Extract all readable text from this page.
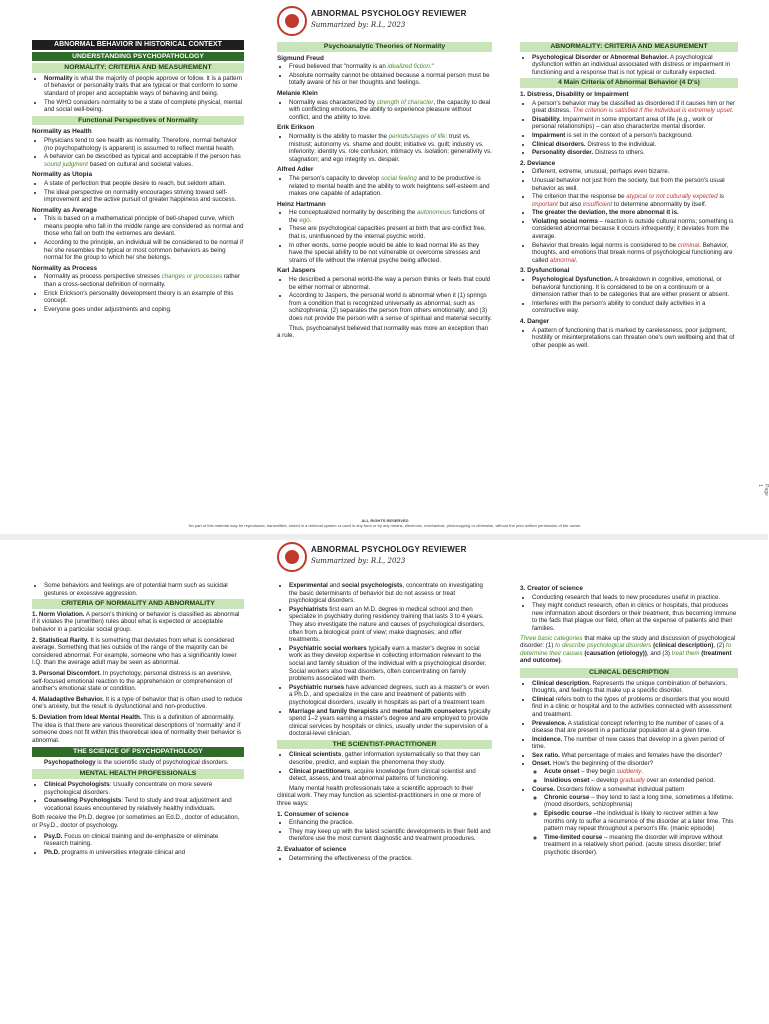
ABNORMAL PSYCHOLOGY REVIEWER
Summarized by: R.L, 2023
ABNORMAL BEHAVIOR IN HISTORICAL CONTEXT
UNDERSTANDING PSYCHOPATHOLOGY
NORMALITY: CRITERIA AND MEASUREMENT
• Normality is what the majority of people approve or follow. It is a pattern of behavior or personality traits that are typical or that conform to some standard of proper and acceptable ways of behaving and being.
• The WHO considers normality to be a state of complete physical, mental and social well-being.
Functional Perspectives of Normality
Normality as Health
• Physicians tend to see health as normality. Therefore, normal behavior (no psychopathology is apparent) is assumed to reflect mental health.
• A behavior can be described as typical and acceptable if the person has sound judgment based on cultural and societal values.
Normality as Utopia
• A state of perfection that people desire to reach, but seldom attain.
• The ideal perspective on normality encourages striving toward self-improvement and the active pursuit of greater happiness and success.
Normality as Average
• This is based on a mathematical principle of bell-shaped curve, which means people who fall in the middle range are considered as normal and those who fall on both the extremes are deviant.
• According to the principle, an individual will be considered to be normal if he/ she resembles the typical or most common behaviors as being normal for the group to which he/ she belongs.
Normality as Process
• Normality as process perspective stresses changes or processes rather than a cross-sectional definition of normality.
• Erick Erickson's personality development theory is an example of this concept.
• Everyone goes under adjustments and coping.
Psychoanalytic Theories of Normality
Sigmund Freud
• Freud believed that "normality is an idealized fiction."
• Absolute normality cannot be obtained because a normal person must be totally aware of his or her thoughts and feelings.
Melanie Klein
• Normality was characterized by strength of character, the capacity to deal with conflicting emotions, the ability to experience pleasure without conflict, and the ability to love.
Erik Erikson
• Normality is the ability to master the periods/stages of life: trust vs. mistrust; autonomy vs. shame and doubt; initiative vs. guilt; industry vs. inferiority; identity vs. role confusion; intimacy vs. isolation; generativity vs. stagnation; and ego integrity vs. despair.
Alfred Adler
• The person's capacity to develop social feeling and to be productive is related to mental health and the ability to work heightens self-esteem and makes one capable of adaptation.
Heinz Hartmann
• He conceptualized normality by describing the autonomous functions of the ego.
• These are psychological capacities present at birth that are conflict free, that is, uninfluenced by the internal psychic world.
• In other words, some people would be able to lead normal life as they have the special ability to be not vulnerable or overcome stresses and strains of life without the internal psyche being affected.
Karl Jaspers
• He described a personal world-the way a person thinks or feels that could be either normal or abnormal.
• According to Jaspers, the personal world is abnormal when it (1) springs from a condition that is recognized universally as abnormal, such as schizophrenia; (2) separates the person from others emotionally; and (3) does not provide the person with a sense of spiritual and material security.

Thus, psychoanalyst believed that normality was more an exception than a rule.

ABNORMALITY: CRITERIA AND MEASUREMENT
• Psychological Disorder or Abnormal Behavior. A psychological dysfunction within an individual associated with distress or impairment in functioning and a response that is not typical or culturally expected.
4 Main Criteria of Abnormal Behavior (4 D's)
1. Distress, Disability or Impairment
• A person's behavior may be classified as disordered if it causes him or her great distress. The criterion is satisfied if the individual is extremely upset.
• Disability. Impairment in some important area of life (e.g., work or personal relationships) – can also characterize mental disorder.
• Impairment is set in the context of a person's background.
• Clinical disorders. Distress to the individual.
• Personality disorder. Distress to others.
2. Deviance
• Different, extreme, unusual, perhaps even bizarre.
• Unusual behavior not just from the society, but from the person's usual behavior as well.
• The criterion that the response be atypical or not culturally expected is important but also insufficient to determine abnormality by itself.
• The greater the deviation, the more abnormal it is.
• Violating social norms – reaction is outside cultural norms; something is considered abnormal because it occurs infrequently; it deviates from the average.
• Behavior that breaks legal norms is considered to be criminal. Behavior, thoughts, and emotions that break norms of psychological functioning are called abnormal.
3. Dysfunctional
• Psychological Dysfunction. A breakdown in cognitive, emotional, or behavioral functioning. It is considered to be on a continuum or a dimension rather than to be categories that are either present or absent.
• Interferes with the person's ability to conduct daily activities in a constructive way.
4. Danger
• A pattern of functioning that is marked by carelessness, poor judgment, hostility or misinterpretations can threaten one's own wellbeing and that of other people as well.
ALL RIGHTS RESERVED
No part of this material may be reproduced, transmitted, stored in a retrieval system or used in any form or by any means, electronic, mechanical, photocopying or otherwise, without the prior written permission of the owner.
Page 1
ABNORMAL PSYCHOLOGY REVIEWER
Summarized by: R.L, 2023
• Some behaviors and feelings are of potential harm such as suicidal gestures or excessive aggression.
CRITERIA OF NORMALITY AND ABNORMALITY

1. Norm Violation. A person's thinking or behavior is classified as abnormal if it violates the (unwritten) rules about what is expected or acceptable behavior in a particular social group.

2. Statistical Rarity. It is something that deviates from what is considered average. Something that lies outside of the range of the majority can be considered abnormal. For example, someone who has a significantly lower I.Q. than the average adult may be seen as abnormal.

3. Personal Discomfort. In psychology, personal distress is an aversive, self-focused emotional reaction to the apprehension or comprehension of another's emotional state or condition.

4. Maladaptive Behavior. It is a type of behavior that is often used to reduce one's anxiety, but the result is dysfunctional and non-productive.

5. Deviation from Ideal Mental Health. This is a definition of abnormality. The idea is that there are various theoretical descriptions of 'normality' and if someone does not fit within this theoretical idea of normality their behavior is abnormal.

THE SCIENCE OF PSYCHOPATHOLOGY

Psychopathology is the scientific study of psychological disorders.

MENTAL HEALTH PROFESSIONALS
• Clinical Psychologists: Usually concentrate on more severe psychological disorders.
• Counseling Psychologists: Tend to study and treat adjustment and vocational issues encountered by relatively healthy individuals.

Both receive the Ph.D. degree (or sometimes an Ed.D., doctor of education, or Psy.D., doctor of psychology.

• Psy.D. Focus on clinical training and de-emphasize or eliminate research training.
• Ph.D. programs in universities integrate clinical and
• Experimental and social psychologists, concentrate on investigating the basic determinants of behavior but do not assess or treat psychological disorders.
• Psychiatrists first earn an M.D. degree in medical school and then specialize in psychiatry during residency training that lasts 3 to 4 years. They also investigate the nature and causes of psychological disorders, often from a biological point of view; make diagnoses; and offer treatments.
• Psychiatric social workers typically earn a master's degree in social work as they develop expertise in collecting information relevant to the social and family situation of the individual with a psychological disorder. Social workers also treat disorders, often concentrating on family problems associated with them.
• Psychiatric nurses have advanced degrees, such as a master's or even a Ph.D., and specialize in the care and treatment of patients with psychological disorders, usually in hospitals as part of a treatment team
• Marriage and family therapists and mental health counselors typically spend 1–2 years earning a master's degree and are employed to provide clinical services by hospitals or clinics, usually under the supervision of a doctoral-level clinician.
THE SCIENTIST-PRACTITIONER
• Clinical scientists, gather information systematically so that they can describe, predict, and explain the phenomena they study.
• Clinical practitioners, acquire knowledge from clinical scientist and detect, assess, and treat abnormal patterns of functioning.

Many mental health professionals take a scientific approach to their clinical work. They may function as scientist-practitioners in one or more of three ways:

1. Consumer of science
• Enhancing the practice.
• They may keep up with the latest scientific developments in their field and therefore use the most current diagnostic and treatment procedures.
2. Evaluator of science
• Determining the effectiveness of the practice.
3. Creator of science
• Conducting research that leads to new procedures useful in practice.
• They might conduct research, often in clinics or hospitals, that produces new information about disorders or their treatment, thus becoming immune to the fads that plague our field, often at the expense of patients and their families.

Three basic categories that make up the study and discussion of psychological disorder: (1) to describe psychological disorders (clinical description), (2) to determine their causes (causation (etiology)), and (3) treat them (treatment and outcome).

CLINICAL DESCRIPTION
• Clinical description. Represents the unique combination of behaviors, thoughts, and feelings that make up a specific disorder.
• Clinical refers both to the types of problems or disorders that you would find in a clinic or hospital and to the activities connected with assessment and treatment.
• Prevalence. A statistical concept referring to the number of cases of a disease that are present in a particular population at a given time.
• Incidence. The number of new cases that develop in a given period of time.
• Sex ratio. What percentage of males and females have the disorder?
• Onset. How's the beginning of the disorder?
◦ Acute onset – they begin suddenly.
◦ Insidious onset – develop gradually over an extended period.
• Course. Disorders follow a somewhat individual pattern
◦ Chronic course – they tend to last a long time, sometimes a lifetime. (mood disorders, schizophrenia)
◦ Episodic course –the individual is likely to recover within a few months only to suffer a recurrence of the disorder at a later time. This pattern may repeat throughout a person's life. (manic episode)
◦ Time-limited course – meaning the disorder will improve without treatment in a relatively short period. (acute stress disorder; brief psychotic disorder).
